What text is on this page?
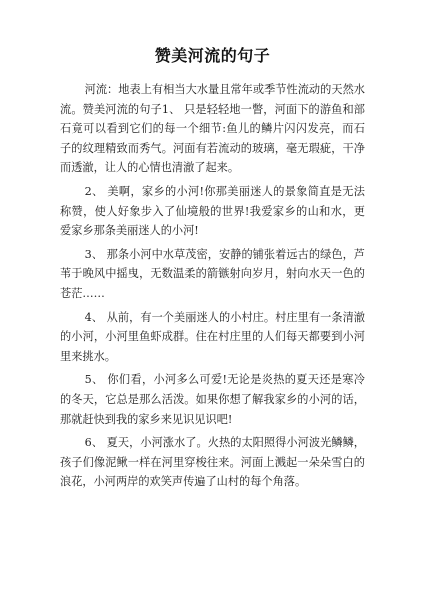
赞美河流的句子

河流：地表上有相当大水量且常年或季节性流动的天然水流。赞美河流的句子1、 只是轻轻地一瞥，河面下的游鱼和部石竟可以看到它们的每一个细节:鱼儿的鳞片闪闪发亮，而石子的纹理精致而秀气。河面有若流动的玻璃，毫无瑕疵，干净而透澈，让人的心情也清澈了起来。

2、 美啊，家乡的小河!你那美丽迷人的景象简直是无法称赞，使人好象步入了仙境般的世界!我爱家乡的山和水，更爱家乡那条美丽迷人的小河!

3、 那条小河中水草茂密，安静的铺张着远古的绿色，芦苇于晚风中摇曳，无数温柔的箭镞射向岁月，射向水天一色的苍茫……

4、 从前，有一个美丽迷人的小村庄。村庄里有一条清澈的小河，小河里鱼虾成群。住在村庄里的人们每天都要到小河里来挑水。

5、 你们看，小河多么可爱!无论是炎热的夏天还是寒冷的冬天，它总是那么活泼。如果你想了解我家乡的小河的话，那就赶快到我的家乡来见识见识吧!

6、 夏天，小河涨水了。火热的太阳照得小河波光鳞鳞，孩子们像泥鳅一样在河里穿梭往来。河面上溅起一朵朵雪白的浪花，小河两岸的欢笑声传遍了山村的每个角落。
